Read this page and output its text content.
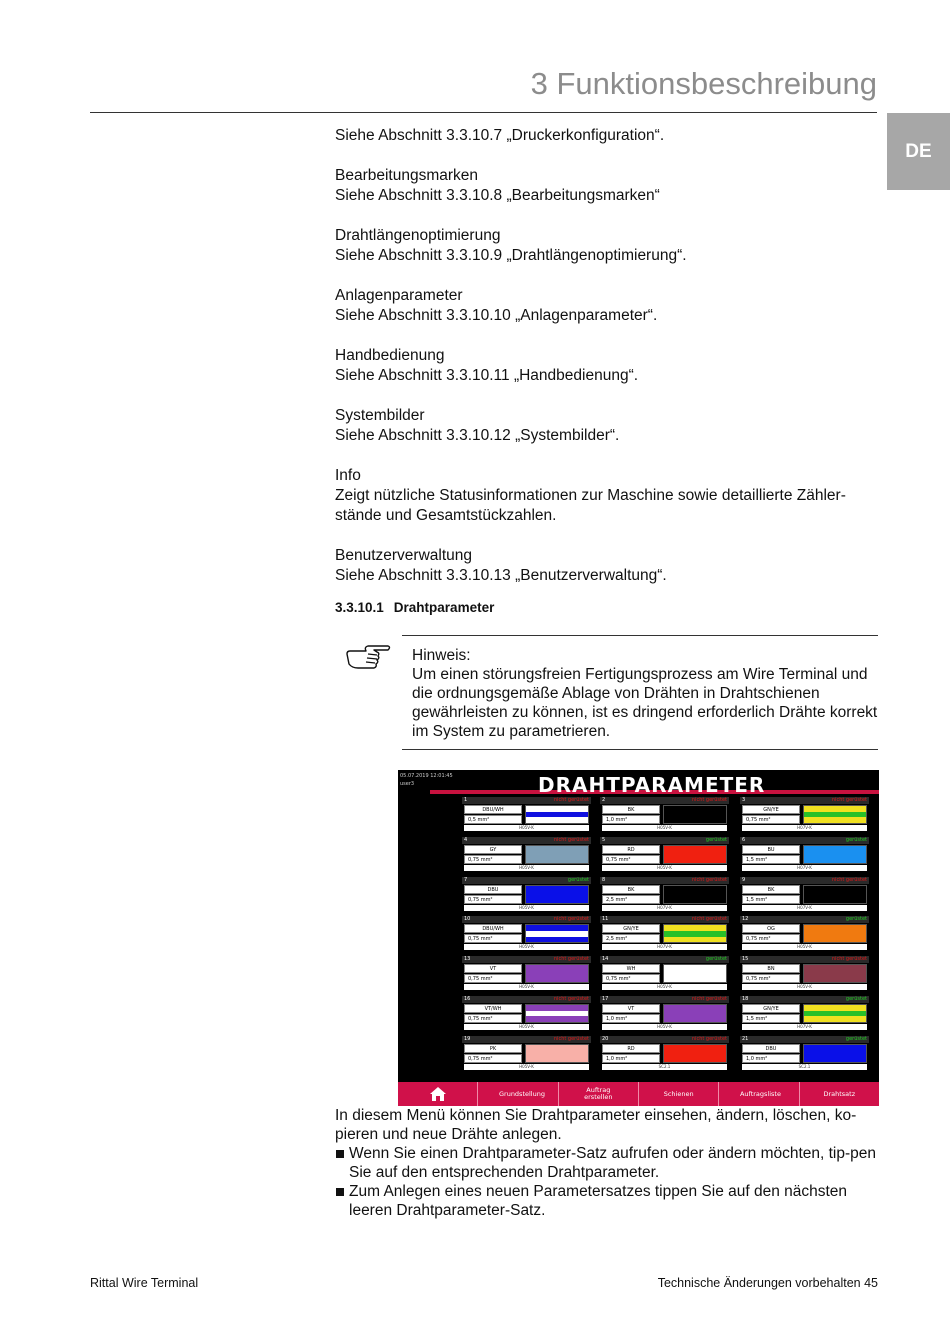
3 Funktionsbeschreibung
DE
Siehe Abschnitt 3.3.10.7 „Druckerkonfiguration“.
Bearbeitungsmarken
Siehe Abschnitt 3.3.10.8 „Bearbeitungsmarken“
Drahtlängenoptimierung
Siehe Abschnitt 3.3.10.9 „Drahtlängenoptimierung“.
Anlagenparameter
Siehe Abschnitt 3.3.10.10 „Anlagenparameter“.
Handbedienung
Siehe Abschnitt 3.3.10.11 „Handbedienung“.
Systembilder
Siehe Abschnitt 3.3.10.12 „Systembilder“.
Info
Zeigt nützliche Statusinformationen zur Maschine sowie detaillierte Zähler-stände und Gesamtstückzahlen.
Benutzerverwaltung
Siehe Abschnitt 3.3.10.13 „Benutzerverwaltung“.
3.3.10.1 Drahtparameter
Hinweis:
Um einen störungsfreien Fertigungsprozess am Wire Terminal und die ordnungsgemäße Ablage von Drähten in Drahtschienen gewährleisten zu können, ist es dringend erforderlich Drähte korrekt im System zu parametrieren.
05.07.2019 12:01:45
user3	DRAHTPARAMETER
1	nicht gerüstet
DBU/WH
0,5 mm²
H05V-K
2	nicht gerüstet
BK
1,0 mm²
H05V-K
3	nicht gerüstet
GN/YE
0,75 mm²
H07V-K
4	nicht gerüstet
GY
0,75 mm²
H05V-K
5	gerüstet
RD
0,75 mm²
H05V-K
6	gerüstet
BU
1,5 mm²
H07V-K
7	gerüstet
DBU
0,75 mm²
H05V-K
8	nicht gerüstet
BK
2,5 mm²
H07V-K
9	nicht gerüstet
BK
1,5 mm²
H07V-K
10	nicht gerüstet
DBU/WH
0,75 mm²
H05V-K
11	nicht gerüstet
GN/YE
2,5 mm²
H07V-K
12	gerüstet
OG
0,75 mm²
H05V-K
13	nicht gerüstet
VT
0,75 mm²
H05V-K
14	gerüstet
WH
0,75 mm²
H05V-K
15	nicht gerüstet
BN
0,75 mm²
H05V-K
16	nicht gerüstet
VT/WH
0,75 mm²
H05V-K
17	nicht gerüstet
VT
1,0 mm²
H05V-K
18	gerüstet
GN/YE
1,5 mm²
H07V-K
19	nicht gerüstet
PK
0,75 mm²
H05V-K
20	nicht gerüstet
RD
1,0 mm²
SC2.1
21	gerüstet
DBU
1,0 mm²
SC2.1
Grundstellung	Auftrag erstellen	Schienen	Auftragsliste	Drahtsatz
In diesem Menü können Sie Drahtparameter einsehen, ändern, löschen, ko-pieren und neue Drähte anlegen.
Wenn Sie einen Drahtparameter-Satz aufrufen oder ändern möchten, tip-pen Sie auf den entsprechenden Drahtparameter.
Zum Anlegen eines neuen Parametersatzes tippen Sie auf den nächsten leeren Drahtparameter-Satz.
Rittal Wire Terminal	Technische Änderungen vorbehalten 45
